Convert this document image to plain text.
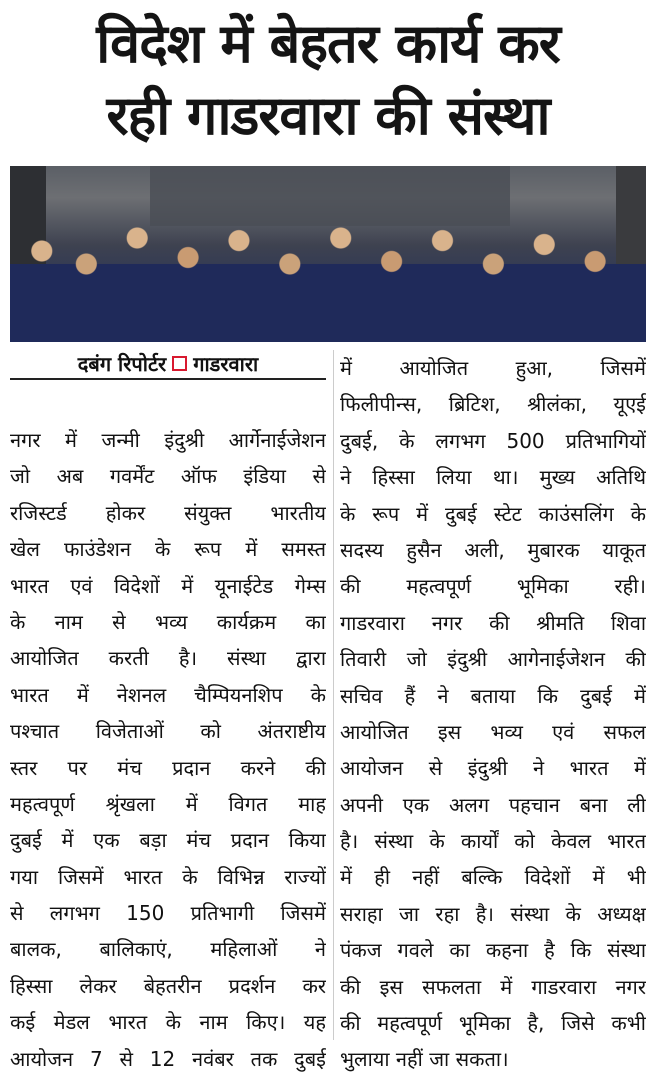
विदेश में बेहतर कार्य कर
रही गाडरवारा की संस्था
दबंग रिपोर्टर गाडरवारा
नगर में जन्मी इंदुश्री आर्गेनाईजेशन
जो अब गवर्मेंट ऑफ इंडिया से
रजिस्टर्ड होकर संयुक्त भारतीय
खेल फाउंडेशन के रूप में समस्त
भारत एवं विदेशों में यूनाईटेड गेम्स
के नाम से भव्य कार्यक्रम का
आयोजित करती है। संस्था द्वारा
भारत में नेशनल चैम्पियनशिप के
पश्चात विजेताओं को अंतराष्टीय
स्तर पर मंच प्रदान करने की
महत्वपूर्ण श्रृंखला में विगत माह
दुबई में एक बड़ा मंच प्रदान किया
गया जिसमें भारत के विभिन्न राज्यों
से लगभग 150 प्रतिभागी जिसमें
बालक, बालिकाएं, महिलाओं ने
हिस्सा लेकर बेहतरीन प्रदर्शन कर
कई मेडल भारत के नाम किए। यह
आयोजन 7 से 12 नवंबर तक दुबई
में आयोजित हुआ, जिसमें
फिलीपीन्स, ब्रिटिश, श्रीलंका, यूएई
दुबई, के लगभग 500 प्रतिभागियों
ने हिस्सा लिया था। मुख्य अतिथि
के रूप में दुबई स्टेट काउंसलिंग के
सदस्य हुसैन अली, मुबारक याकूत
की महत्वपूर्ण भूमिका रही।
गाडरवारा नगर की श्रीमति शिवा
तिवारी जो इंदुश्री आगेनाईजेशन की
सचिव हैं ने बताया कि दुबई में
आयोजित इस भव्य एवं सफल
आयोजन से इंदुश्री ने भारत में
अपनी एक अलग पहचान बना ली
है। संस्था के कार्यों को केवल भारत
में ही नहीं बल्कि विदेशों में भी
सराहा जा रहा है। संस्था के अध्यक्ष
पंकज गवले का कहना है कि संस्था
की इस सफलता में गाडरवारा नगर
की महत्वपूर्ण भूमिका है, जिसे कभी
भुलाया नहीं जा सकता।
